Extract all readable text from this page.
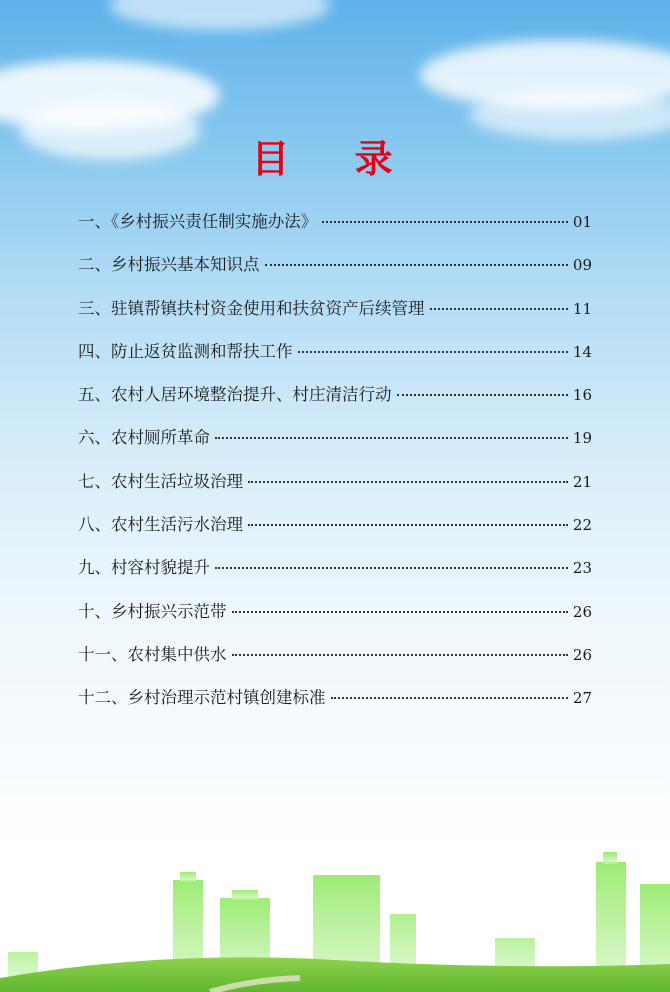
目 录
一、《乡村振兴责任制实施办法》	01
二、乡村振兴基本知识点	09
三、驻镇帮镇扶村资金使用和扶贫资产后续管理	11
四、防止返贫监测和帮扶工作	14
五、农村人居环境整治提升、村庄清洁行动	16
六、农村厕所革命	19
七、农村生活垃圾治理	21
八、农村生活污水治理	22
九、村容村貌提升	23
十、乡村振兴示范带	26
十一、农村集中供水	26
十二、乡村治理示范村镇创建标准	27
